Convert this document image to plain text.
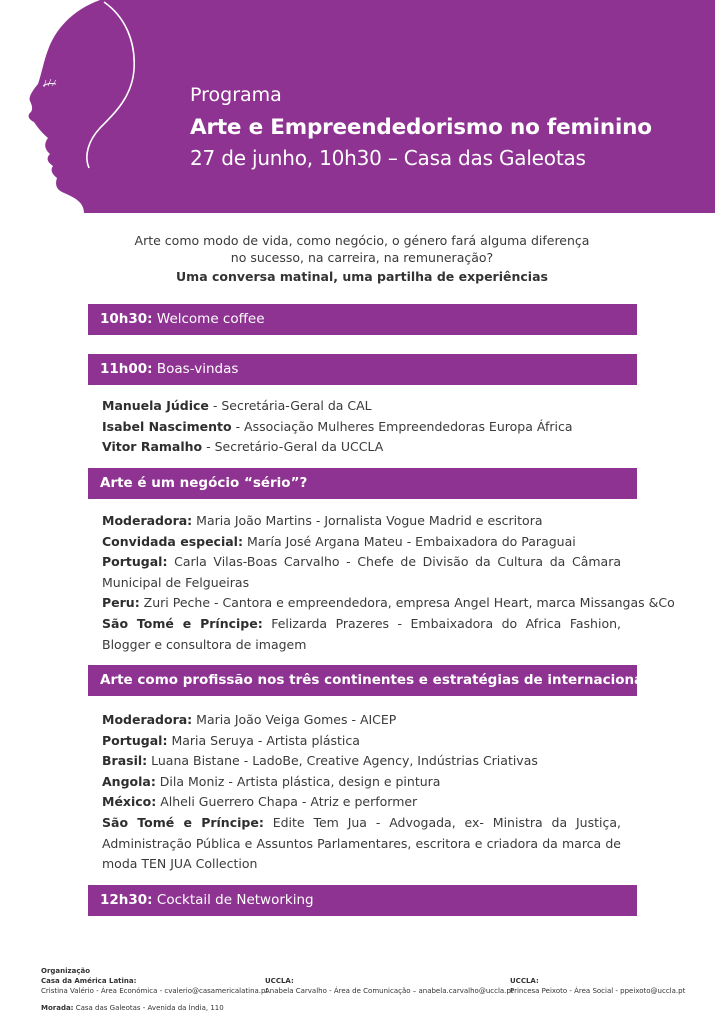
Programa
Arte e Empreendedorismo no feminino
27 de junho, 10h30 – Casa das Galeotas
Arte como modo de vida, como negócio, o género fará alguma diferença
no sucesso, na carreira, na remuneração?
Uma conversa matinal, uma partilha de experiências
10h30: Welcome coffee
11h00: Boas-vindas
Manuela Júdice - Secretária-Geral da CAL
Isabel Nascimento - Associação Mulheres Empreendedoras Europa África
Vitor Ramalho - Secretário-Geral da UCCLA
Arte é um negócio “sério”?
Moderadora: Maria João Martins - Jornalista Vogue Madrid e escritora
Convidada especial: María José Argana Mateu - Embaixadora do Paraguai
Portugal: Carla Vilas-Boas Carvalho - Chefe de Divisão da Cultura da Câmara Municipal de Felgueiras
Peru: Zuri Peche - Cantora e empreendedora, empresa Angel Heart, marca Missangas &Co
São Tomé e Príncipe: Felizarda Prazeres - Embaixadora do Africa Fashion, Blogger e consultora de imagem
Arte como profissão nos três continentes e estratégias de internacionalizar
Moderadora: Maria João Veiga Gomes - AICEP
Portugal: Maria Seruya - Artista plástica
Brasil: Luana Bistane - LadoBe, Creative Agency, Indústrias Criativas
Angola: Dila Moniz - Artista plástica, design e pintura
México: Alheli Guerrero Chapa - Atriz e performer
São Tomé e Príncipe: Edite Tem Jua - Advogada, ex- Ministra da Justiça, Administração Pública e Assuntos Parlamentares, escritora e criadora da marca de moda TEN JUA Collection
12h30: Cocktail de Networking
Organização
Casa da América Latina:
Cristina Valério - Área Económica - cvalerio@casamericalatina.pt
UCCLA:
Anabela Carvalho - Área de Comunicação – anabela.carvalho@uccla.pt
UCCLA:
Princesa Peixoto - Área Social - ppeixoto@uccla.pt
Morada: Casa das Galeotas - Avenida da Índia, 110
